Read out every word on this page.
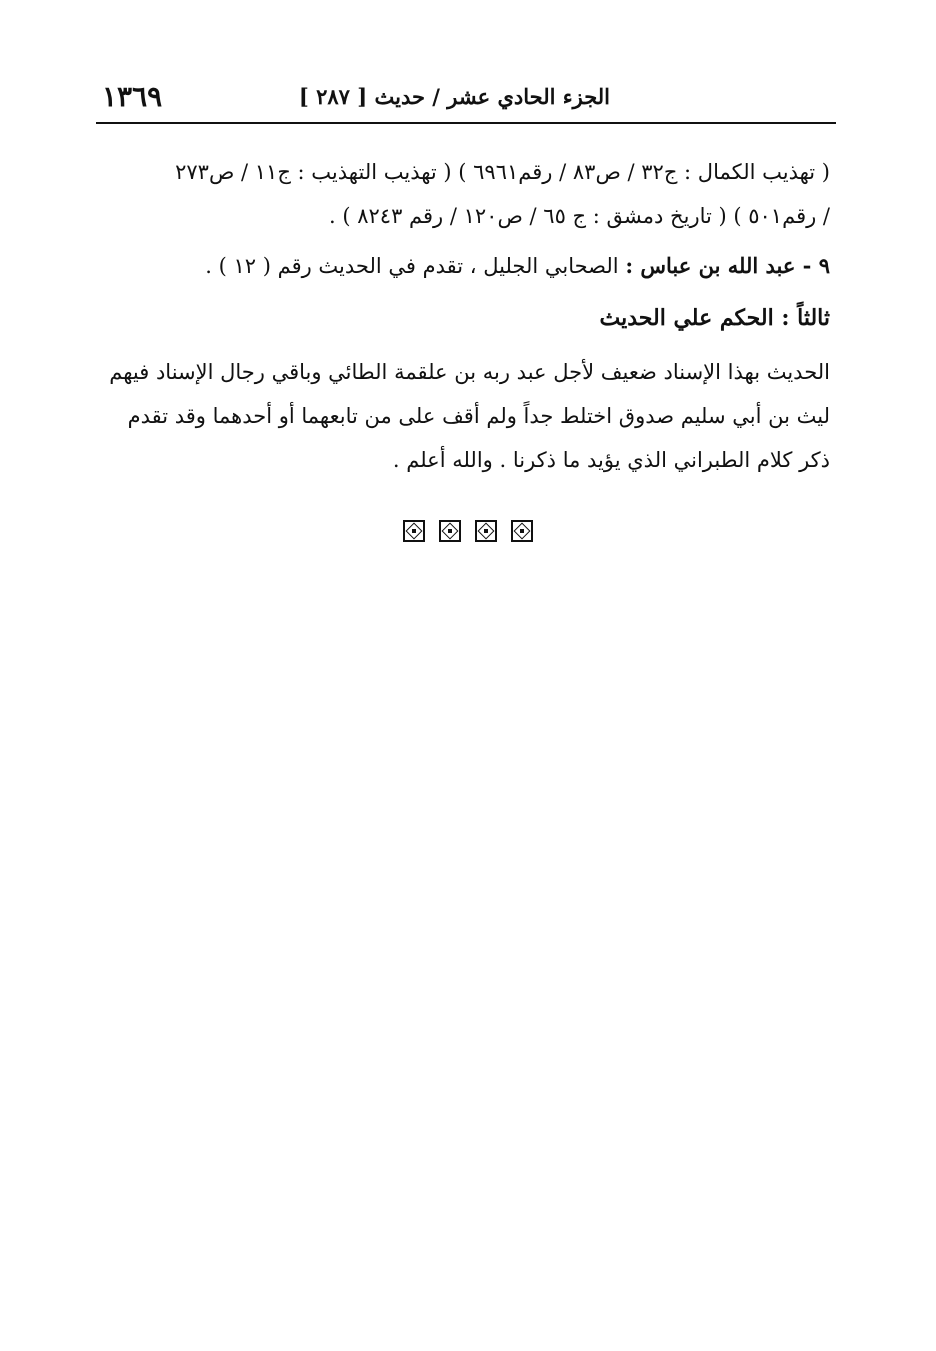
الجزء الحادي عشر / حديث [ ٢٨٧ ]
١٣٦٩
( تهذيب الكمال : ج٣٢ / ص٨٣ / رقم٦٩٦١ ) ( تهذيب التهذيب : ج١١ / ص٢٧٣
/ رقم٥٠١ ) ( تاريخ دمشق : ج ٦٥ / ص١٢٠ / رقم ٨٢٤٣ ) .
٩ - عبد الله بن عباس : الصحابي الجليل ، تقدم في الحديث رقم ( ١٢ ) .
ثالثاً : الحكم علي الحديث
الحديث بهذا الإسناد ضعيف لأجل عبد ربه بن علقمة الطائي وباقي رجال الإسناد فيهم
ليث بن أبي سليم صدوق اختلط جداً ولم أقف على من تابعهما أو أحدهما وقد تقدم
ذكر كلام الطبراني الذي يؤيد ما ذكرنا . والله أعلم .
